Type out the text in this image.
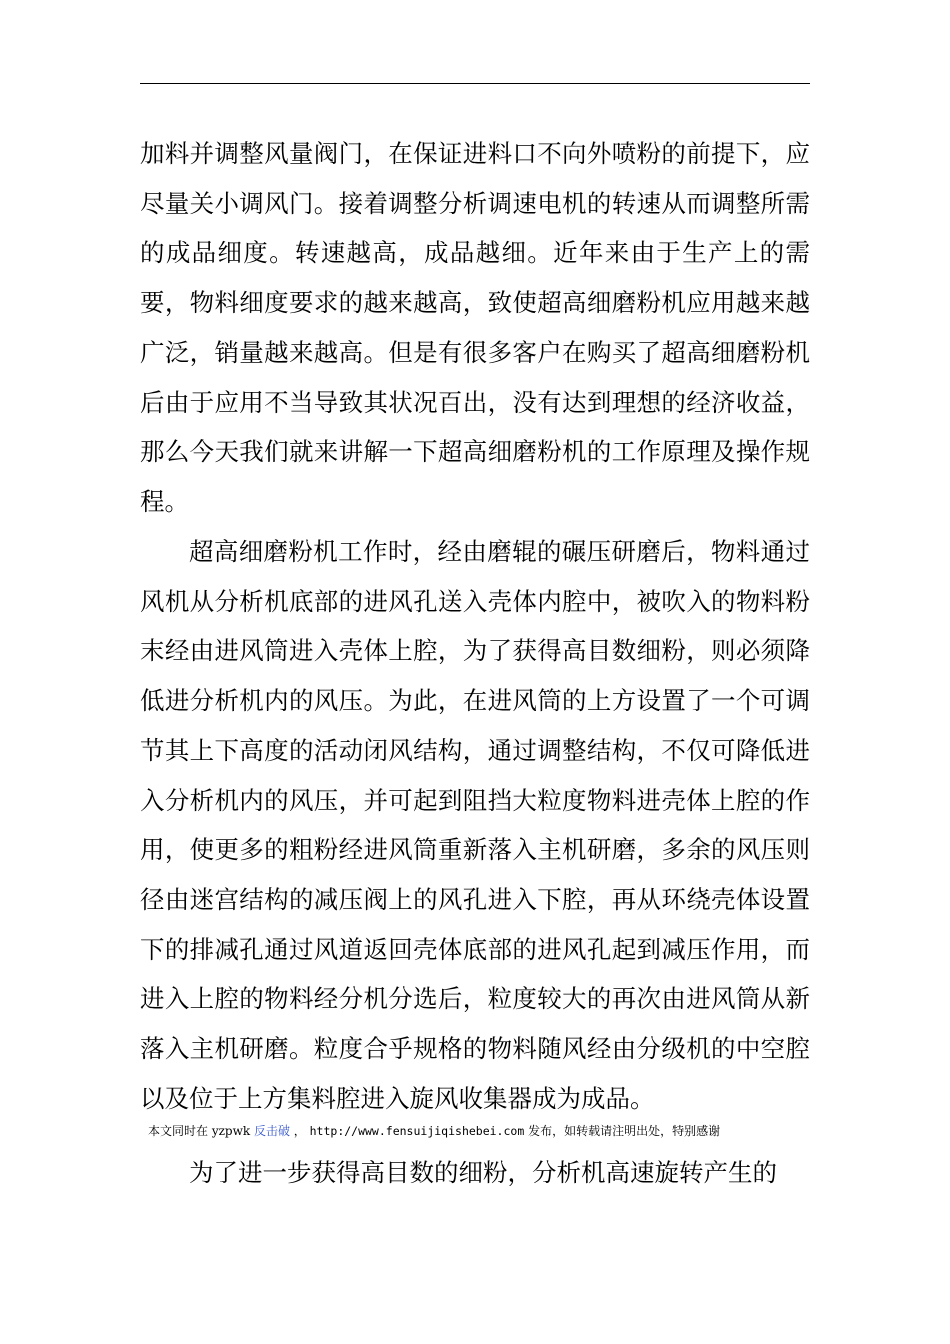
加料并调整风量阀门，在保证进料口不向外喷粉的前提下，应尽量关小调风门。接着调整分析调速电机的转速从而调整所需的成品细度。转速越高，成品越细。近年来由于生产上的需要，物料细度要求的越来越高，致使超高细磨粉机应用越来越广泛，销量越来越高。但是有很多客户在购买了超高细磨粉机后由于应用不当导致其状况百出，没有达到理想的经济收益，那么今天我们就来讲解一下超高细磨粉机的工作原理及操作规程。

超高细磨粉机工作时，经由磨辊的碾压研磨后，物料通过风机从分析机底部的进风孔送入壳体内腔中，被吹入的物料粉末经由进风筒进入壳体上腔，为了获得高目数细粉，则必须降低进分析机内的风压。为此，在进风筒的上方设置了一个可调节其上下高度的活动闭风结构，通过调整结构，不仅可降低进入分析机内的风压，并可起到阻挡大粒度物料进壳体上腔的作用，使更多的粗粉经进风筒重新落入主机研磨，多余的风压则径由迷宫结构的减压阀上的风孔进入下腔，再从环绕壳体设置下的排减孔通过风道返回壳体底部的进风孔起到减压作用，而进入上腔的物料经分机分选后，粒度较大的再次由进风筒从新落入主机研磨。粒度合乎规格的物料随风经由分级机的中空腔以及位于上方集料腔进入旋风收集器成为成品。

本文同时在 yzpwk 反击破 ， http://www.fensuijiqishebei.com 发布，如转载请注明出处，特别感谢

为了进一步获得高目数的细粉，分析机高速旋转产生的
